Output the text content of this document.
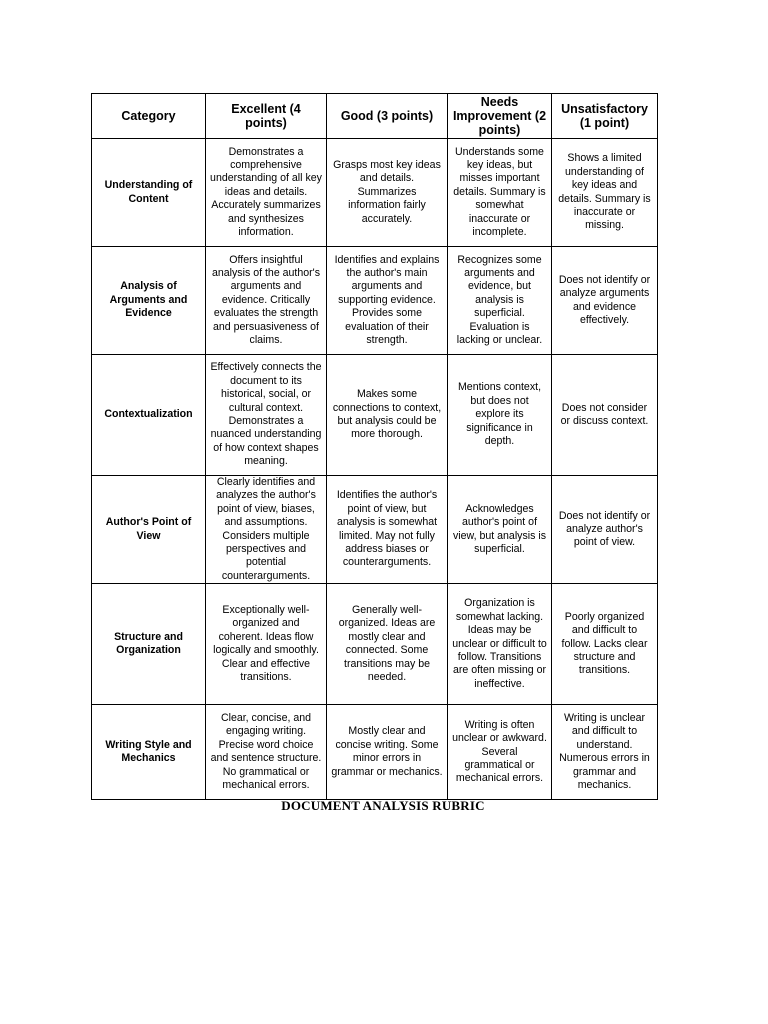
Category	Excellent (4 points)	Good (3 points)	Needs Improvement (2 points)	Unsatisfactory (1 point)
Understanding of Content	Demonstrates a comprehensive understanding of all key ideas and details. Accurately summarizes and synthesizes information.	Grasps most key ideas and details. Summarizes information fairly accurately.	Understands some key ideas, but misses important details. Summary is somewhat inaccurate or incomplete.	Shows a limited understanding of key ideas and details. Summary is inaccurate or missing.
Analysis of Arguments and Evidence	Offers insightful analysis of the author's arguments and evidence. Critically evaluates the strength and persuasiveness of claims.	Identifies and explains the author's main arguments and supporting evidence. Provides some evaluation of their strength.	Recognizes some arguments and evidence, but analysis is superficial. Evaluation is lacking or unclear.	Does not identify or analyze arguments and evidence effectively.
Contextualization	Effectively connects the document to its historical, social, or cultural context. Demonstrates a nuanced understanding of how context shapes meaning.	Makes some connections to context, but analysis could be more thorough.	Mentions context, but does not explore its significance in depth.	Does not consider or discuss context.
Author's Point of View	Clearly identifies and analyzes the author's point of view, biases, and assumptions. Considers multiple perspectives and potential counterarguments.	Identifies the author's point of view, but analysis is somewhat limited. May not fully address biases or counterarguments.	Acknowledges author's point of view, but analysis is superficial.	Does not identify or analyze author's point of view.
Structure and Organization	Exceptionally well-organized and coherent. Ideas flow logically and smoothly. Clear and effective transitions.	Generally well-organized. Ideas are mostly clear and connected. Some transitions may be needed.	Organization is somewhat lacking. Ideas may be unclear or difficult to follow. Transitions are often missing or ineffective.	Poorly organized and difficult to follow. Lacks clear structure and transitions.
Writing Style and Mechanics	Clear, concise, and engaging writing. Precise word choice and sentence structure. No grammatical or mechanical errors.	Mostly clear and concise writing. Some minor errors in grammar or mechanics.	Writing is often unclear or awkward. Several grammatical or mechanical errors.	Writing is unclear and difficult to understand. Numerous errors in grammar and mechanics.
DOCUMENT ANALYSIS RUBRIC
